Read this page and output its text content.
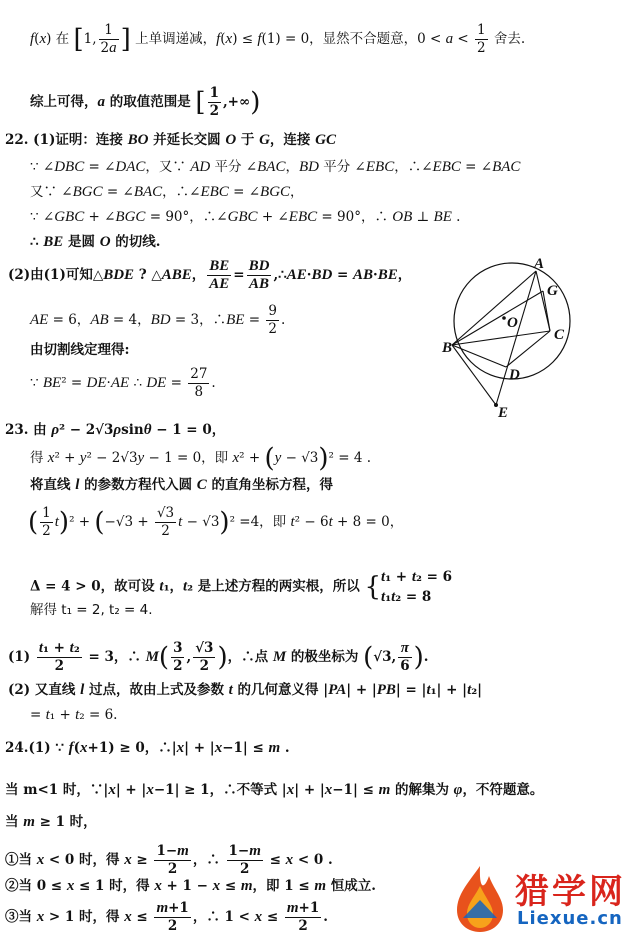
f(x) 在 [1, $\frac{1}{2a}$ ] 上单调递减，f(x) ≤ f(1) = 0，显然不合题意，$0 < a < \frac{1}{2}$ 舍去.
综上可得，a 的取值范围是 [ $\frac{1}{2}$ ,+∞)
22. (1)证明：连接 BO 并延长交圆 O 于 G，连接 GC
∵ ∠DBC = ∠DAC，又∵ AD 平分 ∠BAC，BD 平分 ∠EBC，∴∠EBC = ∠BAC
又∵ ∠BGC = ∠BAC，∴∠EBC = ∠BGC，
∵ ∠GBC + ∠BGC = 90°，∴∠GBC + ∠EBC = 90°，∴ OB ⊥ BE .
∴ BE 是圆 O 的切线.
(2)由(1)可知△BDE ? △ABE， $\frac{BE}{AE} = \frac{BD}{AB}$ ,∴AE·BD = AB·BE，
AE = 6，AB = 4，BD = 3，∴BE = $\frac{9}{2}$ .
由切割线定理得:
∵ BE² = DE·AE ∴ DE = $\frac{27}{8}$ .
A
G
O
C
B
D
E
23. 由 ρ² − 2√3ρsinθ − 1 = 0，
得 x² + y² − 2√3y − 1 = 0，即 x² + (y − √3)² = 4 .
将直线 l 的参数方程代入圆 C 的直角坐标方程，得
( $\frac{1}{2} t)^2 + (-√3 + \frac{√3}{2}$ t − √3)² =4，即 t² − 6t + 8 = 0，
Δ = 4 > 0，故可设 t₁，t₂ 是上述方程的两实根，所以 {t₁ + t₂ = 6
t₁t₂ = 8
解得 t₁ = 2, t₂ = 4.
$(1) \frac{\text{t₁ + t₂}}{2} = 3$，∴ $M( \frac{3}{2}$ , $\frac{√3}{2}$ )，∴点 M 的极坐标为 (√3, $\frac{\pi}{6}$ ).
(2) 又直线 l 过点，故由上式及参数 t 的几何意义得 |PA| + |PB| = |t₁| + |t₂|
= t₁ + t₂ = 6.
24.(1) ∵ f(x+1) ≥ 0，∴|x| + |x−1| ≤ m .
当 m<1 时，∵|x| + |x−1| ≥ 1，∴不等式 |x| + |x−1| ≤ m 的解集为 φ，不符题意。
当 m ≥ 1 时，
①当 x < 0 时，得 $x \ge \frac{1-m}{2}$ ，∴ $\frac{1-m}{2} \le x < 0$ .
②当 0 ≤ x ≤ 1 时，得 x + 1 − x ≤ m，即 1 ≤ m 恒成立.
③当 x > 1 时，得 $x \le \frac{m+1}{2}$ ，∴ $1 < x \le \frac{m+1}{2}$ .
猎学网
Liexue.cn
